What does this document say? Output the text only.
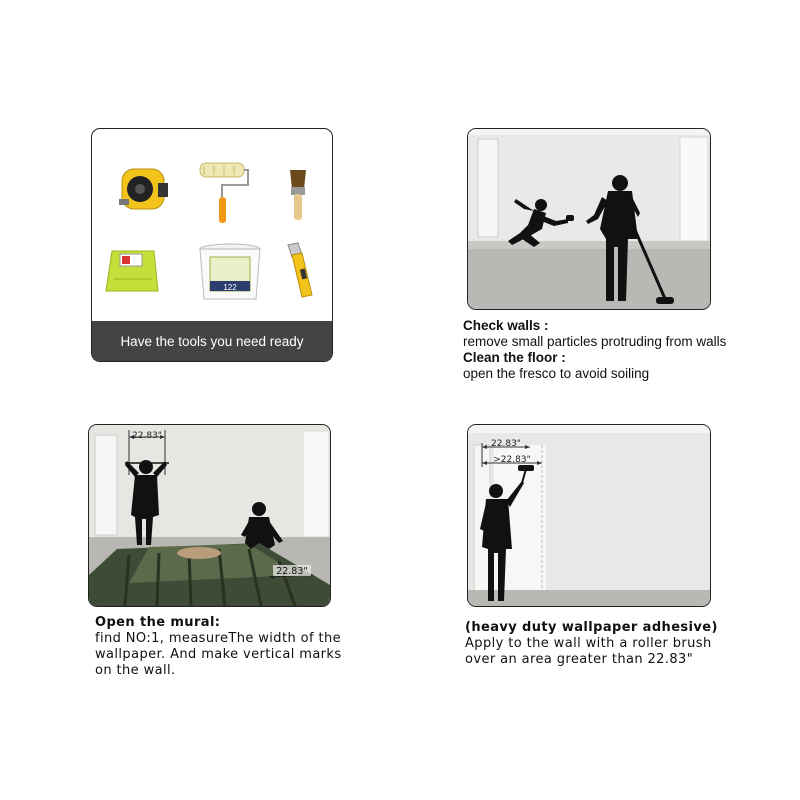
122
Have the tools you need ready
Check walls :
remove small particles protruding from walls
Clean the floor :
open the fresco to avoid soiling
22.83"
22.83"
Open the mural:
find NO:1, measureThe width of the
wallpaper. And make vertical marks
on the wall.
22.83"
>22.83"
(heavy duty wallpaper adhesive)
Apply to the wall with a roller brush
over an area greater than 22.83"
